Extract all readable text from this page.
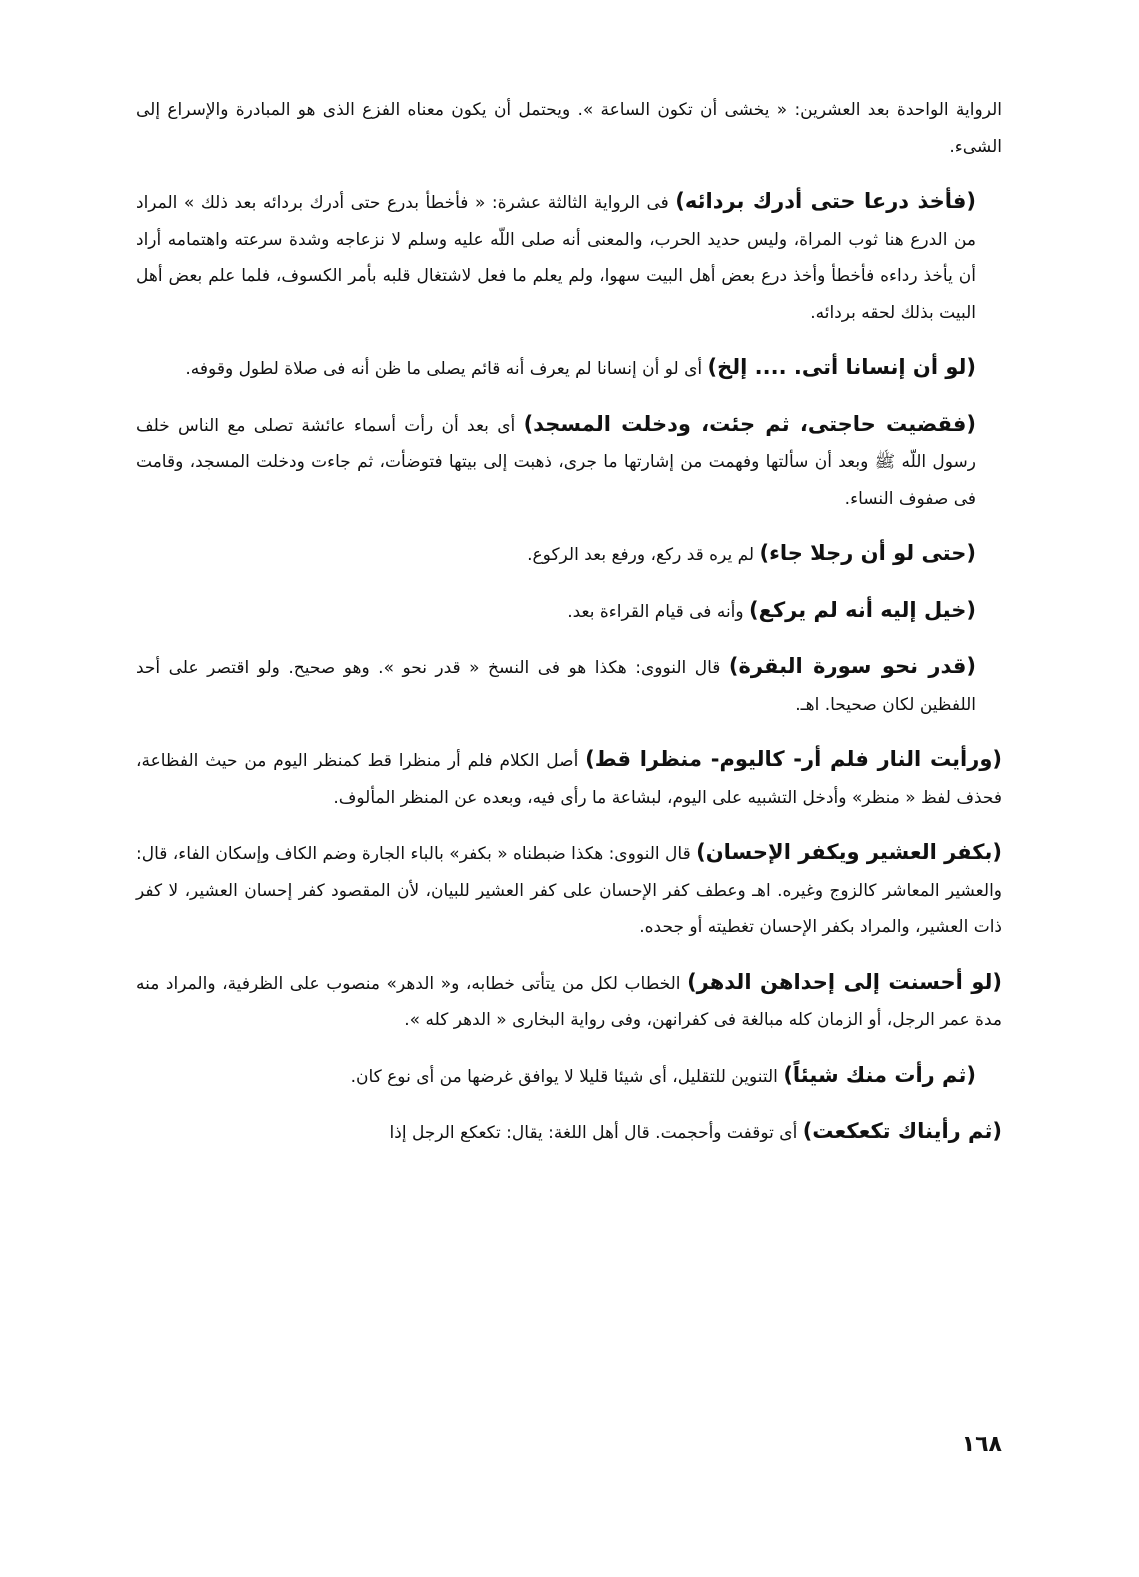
الرواية الواحدة بعد العشرين: « يخشى أن تكون الساعة ». ويحتمل أن يكون معناه الفزع الذى هو المبادرة والإسراع إلى الشىء.

(فأخذ درعا حتى أدرك بردائه) فى الرواية الثالثة عشرة: « فأخطأ بدرع حتى أدرك بردائه بعد ذلك » المراد من الدرع هنا ثوب المراة، وليس حديد الحرب، والمعنى أنه صلى اللّه عليه وسلم لا نزعاجه وشدة سرعته واهتمامه أراد أن يأخذ رداءه فأخطأ وأخذ درع بعض أهل البيت سهوا، ولم يعلم ما فعل لاشتغال قلبه بأمر الكسوف، فلما علم بعض أهل البيت بذلك لحقه بردائه.

(لو أن إنسانا أتى. .... إلخ) أى لو أن إنسانا لم يعرف أنه قائم يصلى ما ظن أنه فى صلاة لطول وقوفه.

(فقضيت حاجتى، ثم جئت، ودخلت المسجد) أى بعد أن رأت أسماء عائشة تصلى مع الناس خلف رسول اللّه ﷺ وبعد أن سألتها وفهمت من إشارتها ما جرى، ذهبت إلى بيتها فتوضأت، ثم جاءت ودخلت المسجد، وقامت فى صفوف النساء.

(حتى لو أن رجلا جاء) لم يره قد ركع، ورفع بعد الركوع.

(خيل إليه أنه لم يركع) وأنه فى قيام القراءة بعد.

(قدر نحو سورة البقرة) قال النووى: هكذا هو فى النسخ « قدر نحو ». وهو صحيح. ولو اقتصر على أحد اللفظين لكان صحيحا. اهـ.

(ورأيت النار فلم أر- كاليوم- منظرا قط) أصل الكلام فلم أر منظرا قط كمنظر اليوم من حيث الفظاعة، فحذف لفظ « منظر» وأدخل التشبيه على اليوم، لبشاعة ما رأى فيه، وبعده عن المنظر المألوف.

(بكفر العشير ويكفر الإحسان) قال النووى: هكذا ضبطناه « بكفر» بالباء الجارة وضم الكاف وإسكان الفاء، قال: والعشير المعاشر كالزوج وغيره. اهـ وعطف كفر الإحسان على كفر العشير للبيان، لأن المقصود كفر إحسان العشير، لا كفر ذات العشير، والمراد بكفر الإحسان تغطيته أو جحده.

(لو أحسنت إلى إحداهن الدهر) الخطاب لكل من يتأتى خطابه، و« الدهر» منصوب على الظرفية، والمراد منه مدة عمر الرجل، أو الزمان كله مبالغة فى كفرانهن، وفى رواية البخارى « الدهر كله ».

(ثم رأت منك شيئاً) التنوين للتقليل، أى شيئا قليلا لا يوافق غرضها من أى نوع كان.

(ثم رأيناك تكعكعت) أى توقفت وأحجمت. قال أهل اللغة: يقال: تكعكع الرجل إذا

١٦٨
